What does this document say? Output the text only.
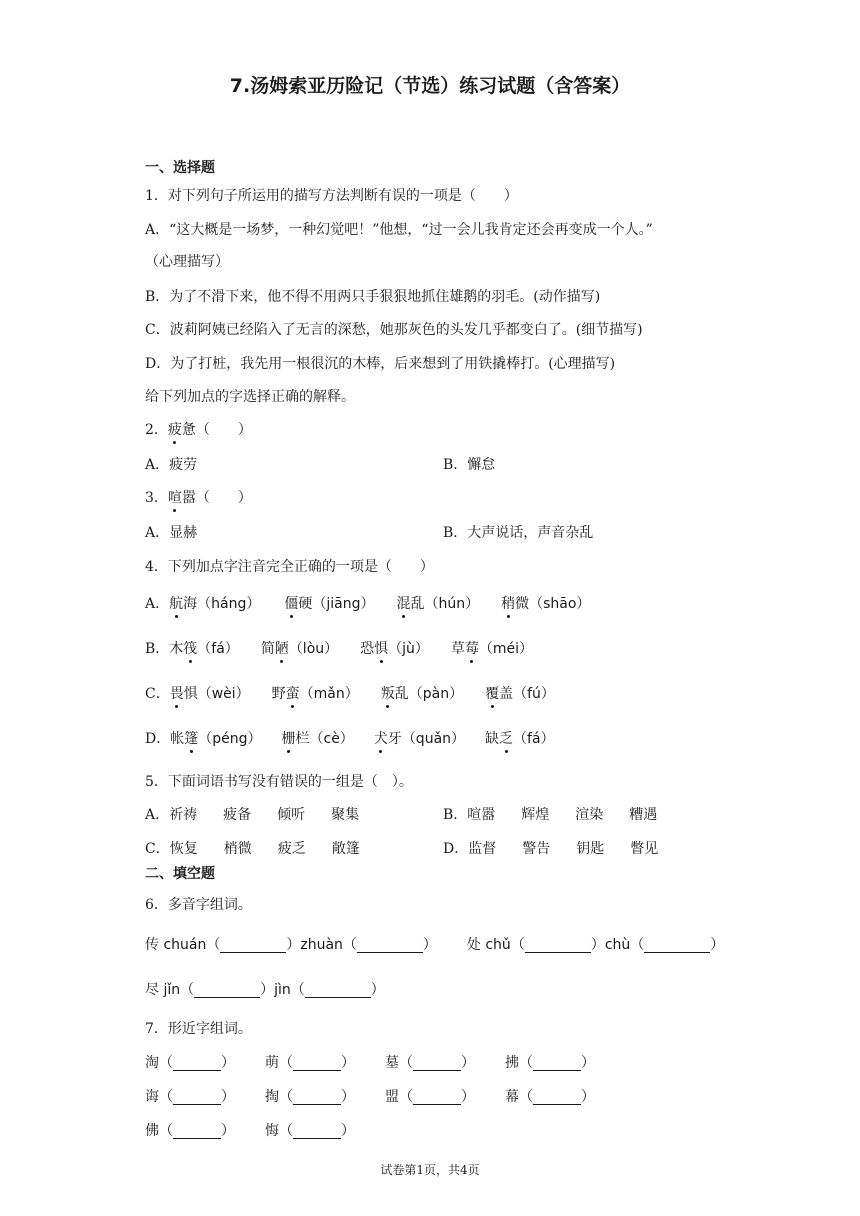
7.汤姆索亚历险记（节选）练习试题（含答案）
一、选择题
1．对下列句子所运用的描写方法判断有误的一项是（　　）
A．“这大概是一场梦，一种幻觉吧！”他想，“过一会儿我肯定还会再变成一个人。”
（心理描写）
B．为了不滑下来，他不得不用两只手狠狠地抓住雄鹅的羽毛。(动作描写)
C．波莉阿姨已经陷入了无言的深愁，她那灰色的头发几乎都变白了。(细节描写)
D．为了打桩，我先用一根很沉的木棒，后来想到了用铁撬棒打。(心理描写)
给下列加点的字选择正确的解释。
2．疲惫（　　）
A．疲劳	B．懈怠
3．喧嚣（　　）
A．显赫	B．大声说话，声音杂乱
4．下列加点字注音完全正确的一项是（　　）
A．航海（háng） 僵硬（jiāng） 混乱（hún） 稍微（shāo）
B．木筏（fá） 简陋（lòu） 恐惧（jù） 草莓（méi）
C．畏惧（wèi） 野蛮（mǎn） 叛乱（pàn） 覆盖（fú）
D．帐篷（péng） 栅栏（cè） 犬牙（quǎn） 缺乏（fá）
5．下面词语书写没有错误的一组是（　）。
A．祈祷 疲备 倾听 聚集	B．喧嚣 辉煌 渲染 糟遇
C．恢复 梢微 疲乏 敞篷	D．监督 警告 钥匙 瞥见
二、填空题
6．多音字组词。
传 chuán（	）zhuàn（	） 处 chǔ（	）chù（	）
尽 jǐn（	）jìn（	）
7．形近字组词。
淘（	） 萌（	） 墓（	） 拂（	）
诲（	） 掏（	） 盟（	） 幕（	）
佛（	） 悔（	）
试卷第1页，共4页
